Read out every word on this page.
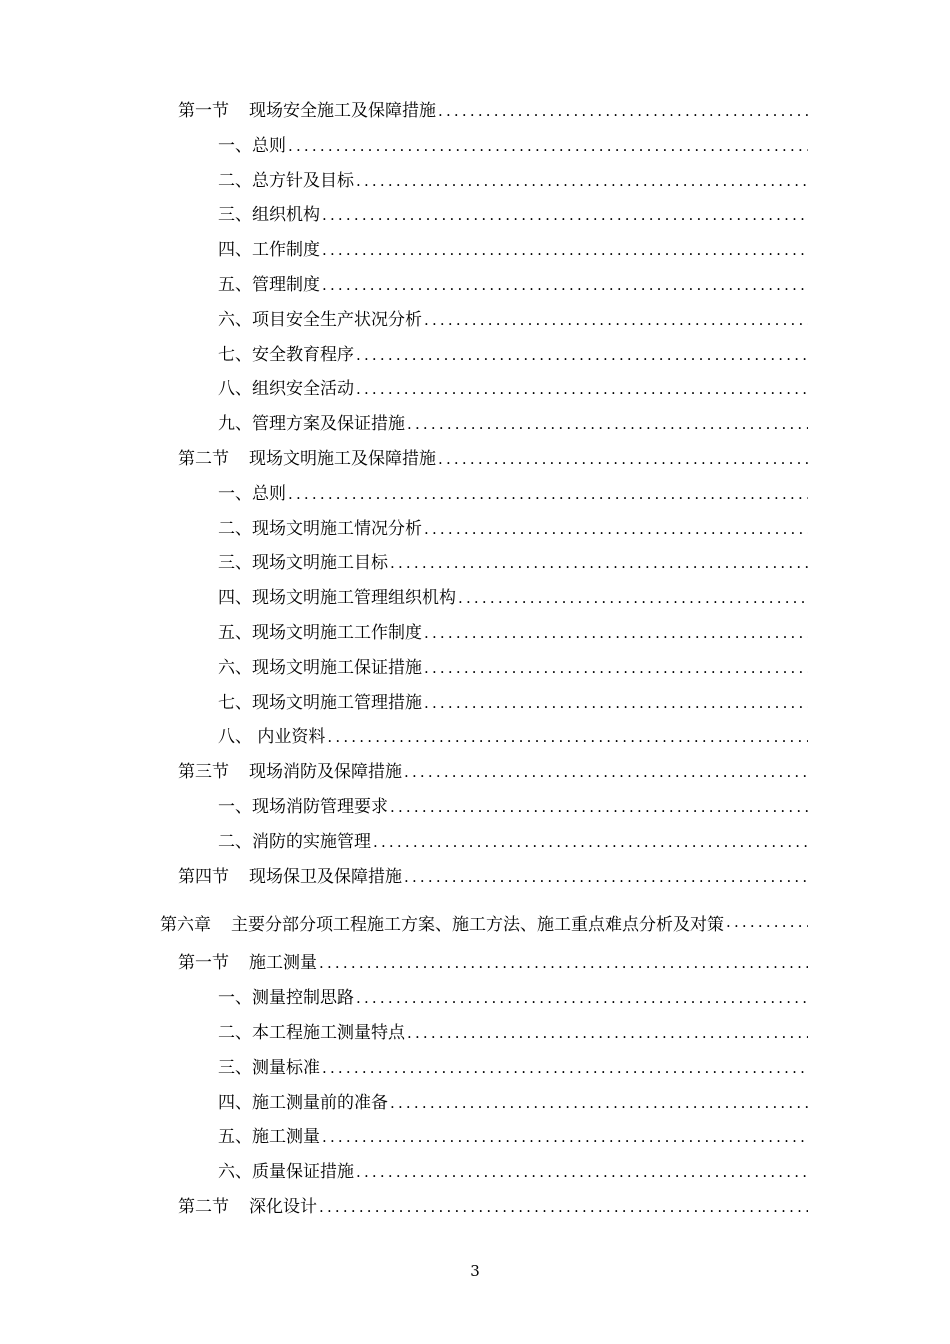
第一节 现场安全施工及保障措施
.....
一、 总则
.....
二、 总方针及目标
.....
三、 组织机构
.....
四、 工作制度
.....
五、 管理制度
.....
六、 项目安全生产状况分析
.....
七、 安全教育程序
.....
八、 组织安全活动
.....
九、 管理方案及保证措施
.....
第二节 现场文明施工及保障措施
.....
一、 总则
.....
二、 现场文明施工情况分析
.....
三、 现场文明施工目标
.....
四、 现场文明施工管理组织机构
.....
五、 现场文明施工工作制度
.....
六、 现场文明施工保证措施
.....
七、 现场文明施工管理措施
.....
八、 内业资料
.....
第三节 现场消防及保障措施
.....
一、 现场消防管理要求
.....
二、 消防的实施管理
.....
第四节 现场保卫及保障措施
.....
第六章 主要分部分项工程施工方案、施工方法、施工重点难点分析及对策
.....
第一节 施工测量
.....
一、 测量控制思路
.....
二、 本工程施工测量特点
.....
三、 测量标准
.....
四、 施工测量前的准备
.....
五、 施工测量
.....
六、 质量保证措施
.....
第二节 深化设计
.....
3
